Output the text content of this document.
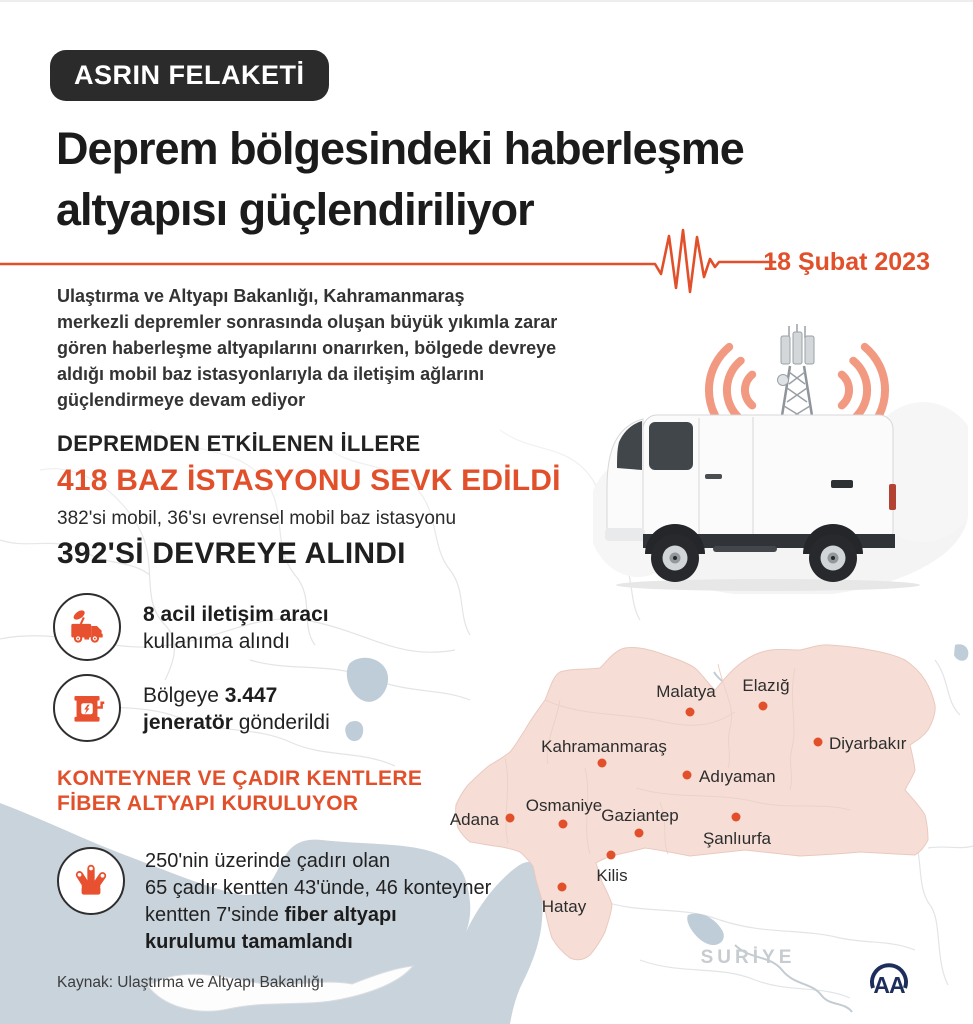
SURİYE
Malatya Elazığ
Diyarbakır
Kahramanmaraş
Adıyaman
Adana
Osmaniye
Gaziantep
Şanlıurfa
Kilis
Hatay
ASRIN FELAKETİ
Deprem bölgesindeki haberleşme
altyapısı güçlendiriliyor
18 Şubat 2023
Ulaştırma ve Altyapı Bakanlığı, Kahramanmaraş
merkezli depremler sonrasında oluşan büyük yıkımla zarar
gören haberleşme altyapılarını onarırken, bölgede devreye
aldığı mobil baz istasyonlarıyla da iletişim ağlarını
güçlendirmeye devam ediyor
DEPREMDEN ETKİLENEN İLLERE
418 BAZ İSTASYONU SEVK EDİLDİ
382'si mobil, 36'sı evrensel mobil baz istasyonu
392'Sİ DEVREYE ALINDI
8 acil iletişim aracı
kullanıma alındı
Bölgeye 3.447
jeneratör gönderildi
KONTEYNER VE ÇADIR KENTLERE
FİBER ALTYAPI KURULUYOR
250'nin üzerinde çadırı olan
65 çadır kentten 43'ünde, 46 konteyner
kentten 7'sinde fiber altyapı
kurulumu tamamlandı
Kaynak: Ulaştırma ve Altyapı Bakanlığı	AA
